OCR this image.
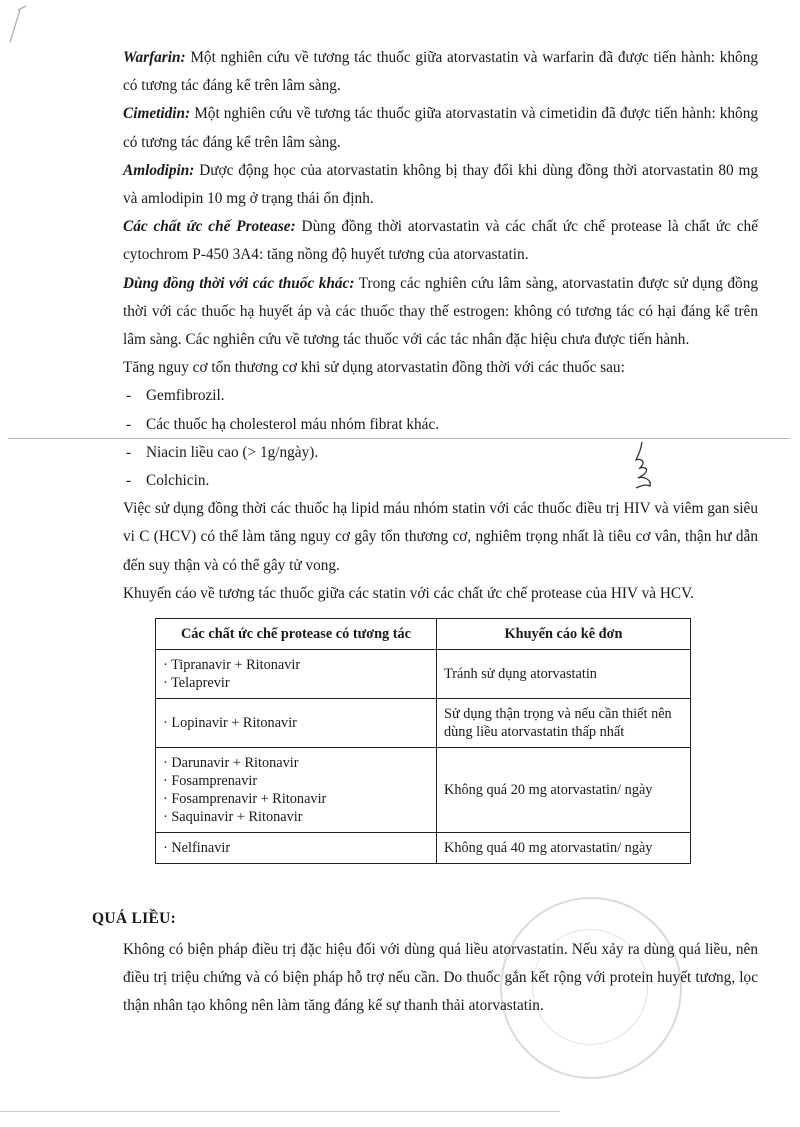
Warfarin: Một nghiên cứu về tương tác thuốc giữa atorvastatin và warfarin đã được tiến hành: không có tương tác đáng kể trên lâm sàng.

Cimetidin: Một nghiên cứu về tương tác thuốc giữa atorvastatin và cimetidin đã được tiến hành: không có tương tác đáng kể trên lâm sàng.

Amlodipin: Dược động học của atorvastatin không bị thay đổi khi dùng đồng thời atorvastatin 80 mg và amlodipin 10 mg ở trạng thái ổn định.

Các chất ức chế Protease: Dùng đồng thời atorvastatin và các chất ức chế protease là chất ức chế cytochrom P-450 3A4: tăng nồng độ huyết tương của atorvastatin.

Dùng đồng thời với các thuốc khác: Trong các nghiên cứu lâm sàng, atorvastatin được sử dụng đồng thời với các thuốc hạ huyết áp và các thuốc thay thế estrogen: không có tương tác có hại đáng kể trên lâm sàng. Các nghiên cứu về tương tác thuốc với các tác nhân đặc hiệu chưa được tiến hành.

Tăng nguy cơ tổn thương cơ khi sử dụng atorvastatin đồng thời với các thuốc sau:

- Gemfibrozil.
- Các thuốc hạ cholesterol máu nhóm fibrat khác.
- Niacin liều cao (> 1g/ngày).
- Colchicin.

Việc sử dụng đồng thời các thuốc hạ lipid máu nhóm statin với các thuốc điều trị HIV và viêm gan siêu vi C (HCV) có thể làm tăng nguy cơ gây tổn thương cơ, nghiêm trọng nhất là tiêu cơ vân, thận hư dẫn đến suy thận và có thể gây tử vong.

Khuyến cáo về tương tác thuốc giữa các statin với các chất ức chế protease của HIV và HCV.

Các chất ức chế protease có tương tác	Khuyến cáo kê đơn

· Tipranavir + Ritonavir
· Telaprevir	Tránh sử dụng atorvastatin

· Lopinavir + Ritonavir	Sử dụng thận trọng và nếu cần thiết nên dùng liều atorvastatin thấp nhất

· Darunavir + Ritonavir
· Fosamprenavir
· Fosamprenavir + Ritonavir
· Saquinavir + Ritonavir	Không quá 20 mg atorvastatin/ ngày

· Nelfinavir	Không quá 40 mg atorvastatin/ ngày
QUÁ LIỀU:

Không có biện pháp điều trị đặc hiệu đối với dùng quá liều atorvastatin. Nếu xảy ra dùng quá liều, nên điều trị triệu chứng và có biện pháp hỗ trợ nếu cần. Do thuốc gắn kết rộng với protein huyết tương, lọc thận nhân tạo không nên làm tăng đáng kể sự thanh thải atorvastatin.
